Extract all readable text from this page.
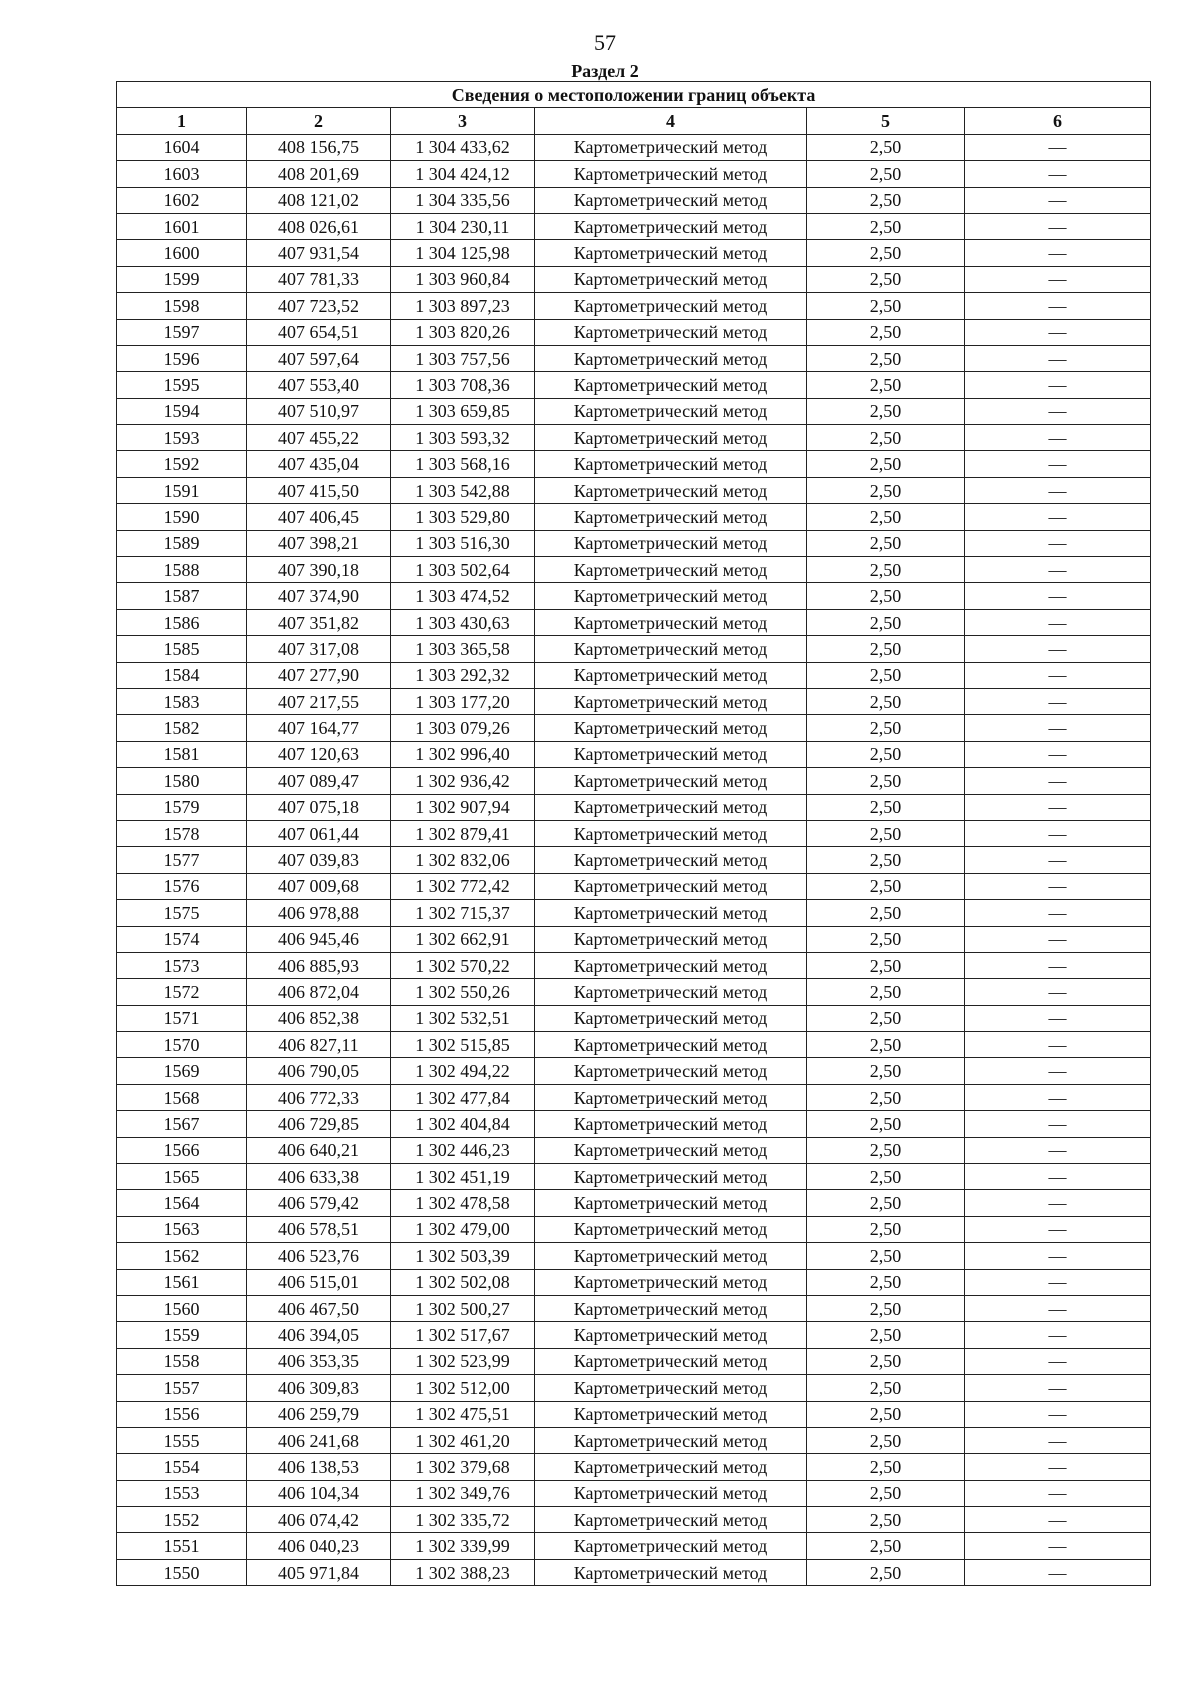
57
Раздел 2
Сведения о местоположении границ объекта					
1	2	3	4	5	6
1604	408 156,75	1 304 433,62	Картометрический метод	2,50	—
1603	408 201,69	1 304 424,12	Картометрический метод	2,50	—
1602	408 121,02	1 304 335,56	Картометрический метод	2,50	—
1601	408 026,61	1 304 230,11	Картометрический метод	2,50	—
1600	407 931,54	1 304 125,98	Картометрический метод	2,50	—
1599	407 781,33	1 303 960,84	Картометрический метод	2,50	—
1598	407 723,52	1 303 897,23	Картометрический метод	2,50	—
1597	407 654,51	1 303 820,26	Картометрический метод	2,50	—
1596	407 597,64	1 303 757,56	Картометрический метод	2,50	—
1595	407 553,40	1 303 708,36	Картометрический метод	2,50	—
1594	407 510,97	1 303 659,85	Картометрический метод	2,50	—
1593	407 455,22	1 303 593,32	Картометрический метод	2,50	—
1592	407 435,04	1 303 568,16	Картометрический метод	2,50	—
1591	407 415,50	1 303 542,88	Картометрический метод	2,50	—
1590	407 406,45	1 303 529,80	Картометрический метод	2,50	—
1589	407 398,21	1 303 516,30	Картометрический метод	2,50	—
1588	407 390,18	1 303 502,64	Картометрический метод	2,50	—
1587	407 374,90	1 303 474,52	Картометрический метод	2,50	—
1586	407 351,82	1 303 430,63	Картометрический метод	2,50	—
1585	407 317,08	1 303 365,58	Картометрический метод	2,50	—
1584	407 277,90	1 303 292,32	Картометрический метод	2,50	—
1583	407 217,55	1 303 177,20	Картометрический метод	2,50	—
1582	407 164,77	1 303 079,26	Картометрический метод	2,50	—
1581	407 120,63	1 302 996,40	Картометрический метод	2,50	—
1580	407 089,47	1 302 936,42	Картометрический метод	2,50	—
1579	407 075,18	1 302 907,94	Картометрический метод	2,50	—
1578	407 061,44	1 302 879,41	Картометрический метод	2,50	—
1577	407 039,83	1 302 832,06	Картометрический метод	2,50	—
1576	407 009,68	1 302 772,42	Картометрический метод	2,50	—
1575	406 978,88	1 302 715,37	Картометрический метод	2,50	—
1574	406 945,46	1 302 662,91	Картометрический метод	2,50	—
1573	406 885,93	1 302 570,22	Картометрический метод	2,50	—
1572	406 872,04	1 302 550,26	Картометрический метод	2,50	—
1571	406 852,38	1 302 532,51	Картометрический метод	2,50	—
1570	406 827,11	1 302 515,85	Картометрический метод	2,50	—
1569	406 790,05	1 302 494,22	Картометрический метод	2,50	—
1568	406 772,33	1 302 477,84	Картометрический метод	2,50	—
1567	406 729,85	1 302 404,84	Картометрический метод	2,50	—
1566	406 640,21	1 302 446,23	Картометрический метод	2,50	—
1565	406 633,38	1 302 451,19	Картометрический метод	2,50	—
1564	406 579,42	1 302 478,58	Картометрический метод	2,50	—
1563	406 578,51	1 302 479,00	Картометрический метод	2,50	—
1562	406 523,76	1 302 503,39	Картометрический метод	2,50	—
1561	406 515,01	1 302 502,08	Картометрический метод	2,50	—
1560	406 467,50	1 302 500,27	Картометрический метод	2,50	—
1559	406 394,05	1 302 517,67	Картометрический метод	2,50	—
1558	406 353,35	1 302 523,99	Картометрический метод	2,50	—
1557	406 309,83	1 302 512,00	Картометрический метод	2,50	—
1556	406 259,79	1 302 475,51	Картометрический метод	2,50	—
1555	406 241,68	1 302 461,20	Картометрический метод	2,50	—
1554	406 138,53	1 302 379,68	Картометрический метод	2,50	—
1553	406 104,34	1 302 349,76	Картометрический метод	2,50	—
1552	406 074,42	1 302 335,72	Картометрический метод	2,50	—
1551	406 040,23	1 302 339,99	Картометрический метод	2,50	—
1550	405 971,84	1 302 388,23	Картометрический метод	2,50	—
